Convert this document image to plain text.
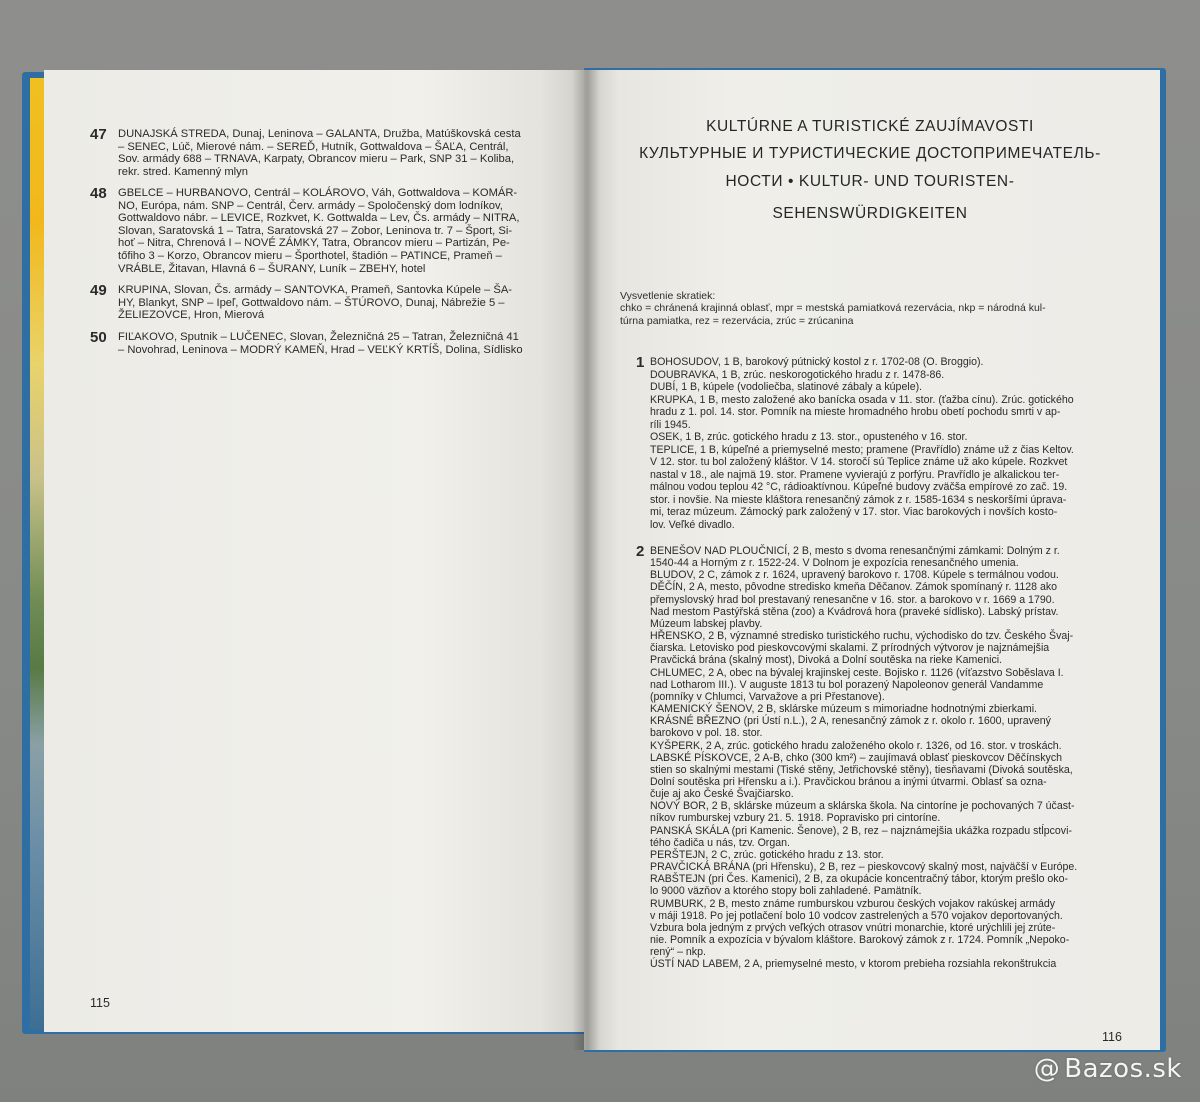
47 DUNAJSKÁ STREDA, Dunaj, Leninova – GALANTA, Družba, Matúškovská cesta
– SENEC, Lúč, Mierové nám. – SEREĎ, Hutník, Gottwaldova – ŠAĽA, Centrál,
Sov. armády 688 – TRNAVA, Karpaty, Obrancov mieru – Park, SNP 31 – Koliba,
rekr. stred. Kamenný mlyn
48 GBELCE – HURBANOVO, Centrál – KOLÁROVO, Váh, Gottwaldova – KOMÁR-
NO, Európa, nám. SNP – Centrál, Červ. armády – Spoločenský dom lodníkov,
Gottwaldovo nábr. – LEVICE, Rozkvet, K. Gottwalda – Lev, Čs. armády – NITRA,
Slovan, Saratovská 1 – Tatra, Saratovská 27 – Zobor, Leninova tr. 7 – Šport, Si-
hoť – Nitra, Chrenová I – NOVÉ ZÁMKY, Tatra, Obrancov mieru – Partizán, Pe-
tőfiho 3 – Korzo, Obrancov mieru – Športhotel, štadión – PATINCE, Prameň –
VRÁBLE, Žitavan, Hlavná 6 – ŠURANY, Luník – ZBEHY, hotel
49 KRUPINA, Slovan, Čs. armády – SANTOVKA, Prameň, Santovka Kúpele – ŠA-
HY, Blankyt, SNP – Ipeľ, Gottwaldovo nám. – ŠTÚROVO, Dunaj, Nábrežie 5 –
ŽELIEZOVCE, Hron, Mierová
50 FIĽAKOVO, Sputnik – LUČENEC, Slovan, Železničná 25 – Tatran, Železničná 41
– Novohrad, Leninova – MODRÝ KAMEŇ, Hrad – VEĽKÝ KRTÍŠ, Dolina, Sídlisko
115
KULTÚRNE A TURISTICKÉ ZAUJÍMAVOSTI
КУЛЬТУРНЫЕ И ТУРИСТИЧЕСКИЕ ДОСТОПРИМЕЧАТЕЛЬ-
НОСТИ • KULTUR- UND TOURISTEN-
SEHENSWÜRDIGKEITEN
Vysvetlenie skratiek:
chko = chránená krajinná oblasť, mpr = mestská pamiatková rezervácia, nkp = národná kul-
túrna pamiatka, rez = rezervácia, zrúc = zrúcanina
1 BOHOSUDOV, 1 B, barokový pútnický kostol z r. 1702-08 (O. Broggio).
DOUBRAVKA, 1 B, zrúc. neskorogotického hradu z r. 1478-86.
DUBÍ, 1 B, kúpele (vodoliečba, slatinové zábaly a kúpele).
KRUPKA, 1 B, mesto založené ako banícka osada v 11. stor. (ťažba cínu). Zrúc. gotického
hradu z 1. pol. 14. stor. Pomník na mieste hromadného hrobu obetí pochodu smrti v ap-
ríli 1945.
OSEK, 1 B, zrúc. gotického hradu z 13. stor., opusteného v 16. stor.
TEPLICE, 1 B, kúpeľné a priemyselné mesto; pramene (Pravřídlo) známe už z čias Keltov.
V 12. stor. tu bol založený kláštor. V 14. storočí sú Teplice známe už ako kúpele. Rozkvet
nastal v 18., ale najmä 19. stor. Pramene vyvierajú z porfýru. Pravřídlo je alkalickou ter-
málnou vodou teplou 42 °C, rádioaktívnou. Kúpeľné budovy zväčša empírové zo zač. 19.
stor. i novšie. Na mieste kláštora renesančný zámok z r. 1585-1634 s neskoršími úprava-
mi, teraz múzeum. Zámocký park založený v 17. stor. Viac barokových i novších kosto-
lov. Veľké divadlo.
2 BENEŠOV NAD PLOUČNICÍ, 2 B, mesto s dvoma renesančnými zámkami: Dolným z r.
1540-44 a Horným z r. 1522-24. V Dolnom je expozícia renesančného umenia.
BLUDOV, 2 C, zámok z r. 1624, upravený barokovo r. 1708. Kúpele s termálnou vodou.
DĚČÍN, 2 A, mesto, pôvodne stredisko kmeňa Děčanov. Zámok spomínaný r. 1128 ako
přemyslovský hrad bol prestavaný renesančne v 16. stor. a barokovo v r. 1669 a 1790.
Nad mestom Pastýřská stěna (zoo) a Kvádrová hora (praveké sídlisko). Labský prístav.
Múzeum labskej plavby.
HŘENSKO, 2 B, významné stredisko turistického ruchu, východisko do tzv. Českého Švaj-
čiarska. Letovisko pod pieskovcovými skalami. Z prírodných výtvorov je najznámejšia
Pravčická brána (skalný most), Divoká a Dolní soutěska na rieke Kamenici.
CHLUMEC, 2 A, obec na bývalej krajinskej ceste. Bojisko r. 1126 (víťazstvo Soběslava I.
nad Lotharom III.). V auguste 1813 tu bol porazený Napoleonov generál Vandamme
(pomníky v Chlumci, Varvažove a pri Přestanove).
KAMENICKÝ ŠENOV, 2 B, sklárske múzeum s mimoriadne hodnotnými zbierkami.
KRÁSNÉ BŘEZNO (pri Ústí n.L.), 2 A, renesančný zámok z r. okolo r. 1600, upravený
barokovo v pol. 18. stor.
KYŠPERK, 2 A, zrúc. gotického hradu založeného okolo r. 1326, od 16. stor. v troskách.
LABSKÉ PÍSKOVCE, 2 A-B, chko (300 km²) – zaujímavá oblasť pieskovcov Děčínskych
stien so skalnými mestami (Tiské stěny, Jetřichovské stěny), tiesňavami (Divoká soutěska,
Dolní soutěska pri Hřensku a i.). Pravčickou bránou a inými útvarmi. Oblasť sa ozna-
čuje aj ako České Švajčiarsko.
NOVÝ BOR, 2 B, sklárske múzeum a sklárska škola. Na cintoríne je pochovaných 7 účast-
níkov rumburskej vzbury 21. 5. 1918. Popravisko pri cintoríne.
PANSKÁ SKÁLA (pri Kamenic. Šenove), 2 B, rez – najznámejšia ukážka rozpadu stĺpcovi-
tého čadiča u nás, tzv. Organ.
PERŠTEJN, 2 C, zrúc. gotického hradu z 13. stor.
PRAVČICKÁ BRÁNA (pri Hřensku), 2 B, rez – pieskovcový skalný most, najväčší v Európe.
RABŠTEJN (pri Čes. Kamenici), 2 B, za okupácie koncentračný tábor, ktorým prešlo oko-
lo 9000 väzňov a ktorého stopy boli zahladené. Pamätník.
RUMBURK, 2 B, mesto známe rumburskou vzburou českých vojakov rakúskej armády
v máji 1918. Po jej potlačení bolo 10 vodcov zastrelených a 570 vojakov deportovaných.
Vzbura bola jedným z prvých veľkých otrasov vnútri monarchie, ktoré urýchlili jej zrúte-
nie. Pomník a expozícia v bývalom kláštore. Barokový zámok z r. 1724. Pomník „Nepoko-
rený“ – nkp.
ÚSTÍ NAD LABEM, 2 A, priemyselné mesto, v ktorom prebieha rozsiahla rekonštrukcia
116
@ Bazos.sk
